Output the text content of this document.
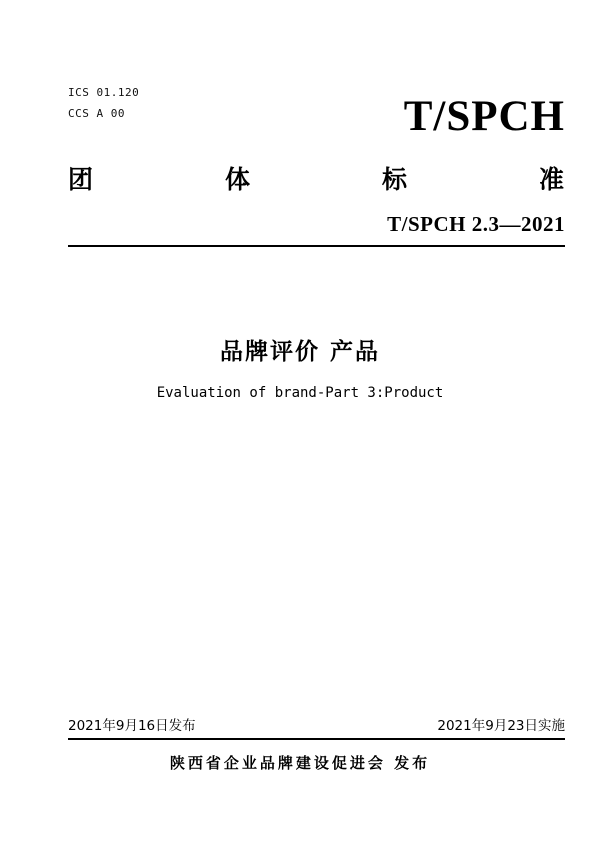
ICS 01.120
CCS A 00	T/SPCH
团	体	标	准
T/SPCH 2.3—2021
品牌评价 产品
Evaluation of brand-Part 3:Product
2021年9月16日发布	2021年9月23日实施
陕西省企业品牌建设促进会 发布
